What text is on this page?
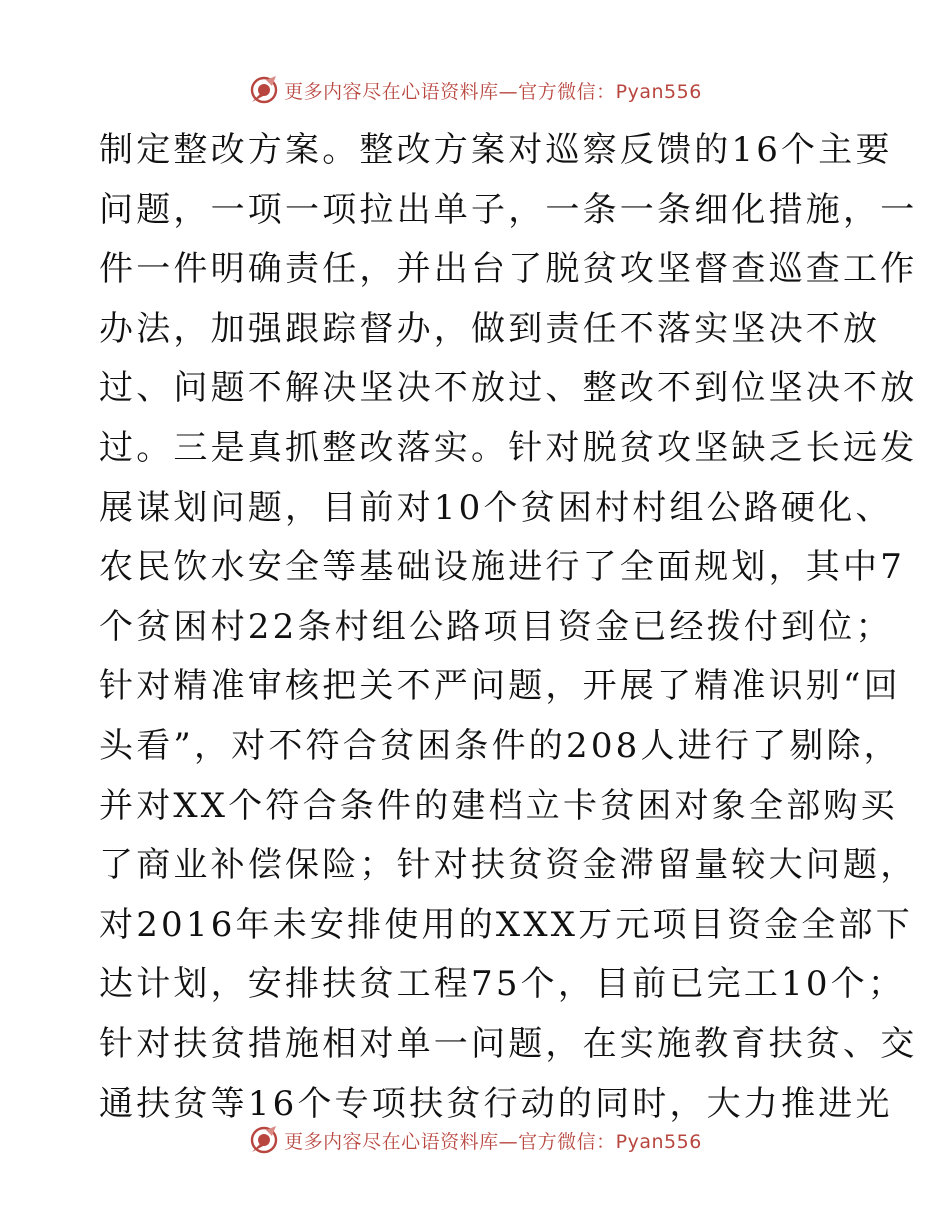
更多内容尽在心语资料库—官方微信：Pyan556
制定整改方案。整改方案对巡察反馈的16个主要
问题，一项一项拉出单子，一条一条细化措施，一
件一件明确责任，并出台了脱贫攻坚督查巡查工作
办法，加强跟踪督办，做到责任不落实坚决不放
过、问题不解决坚决不放过、整改不到位坚决不放
过。三是真抓整改落实。针对脱贫攻坚缺乏长远发
展谋划问题，目前对10个贫困村村组公路硬化、
农民饮水安全等基础设施进行了全面规划，其中7
个贫困村22条村组公路项目资金已经拨付到位；
针对精准审核把关不严问题，开展了精准识别“回
头看”，对不符合贫困条件的208人进行了剔除，
并对XX个符合条件的建档立卡贫困对象全部购买
了商业补偿保险；针对扶贫资金滞留量较大问题，
对2016年未安排使用的XXX万元项目资金全部下
达计划，安排扶贫工程75个，目前已完工10个；
针对扶贫措施相对单一问题，在实施教育扶贫、交
通扶贫等16个专项扶贫行动的同时，大力推进光
更多内容尽在心语资料库—官方微信：Pyan556
